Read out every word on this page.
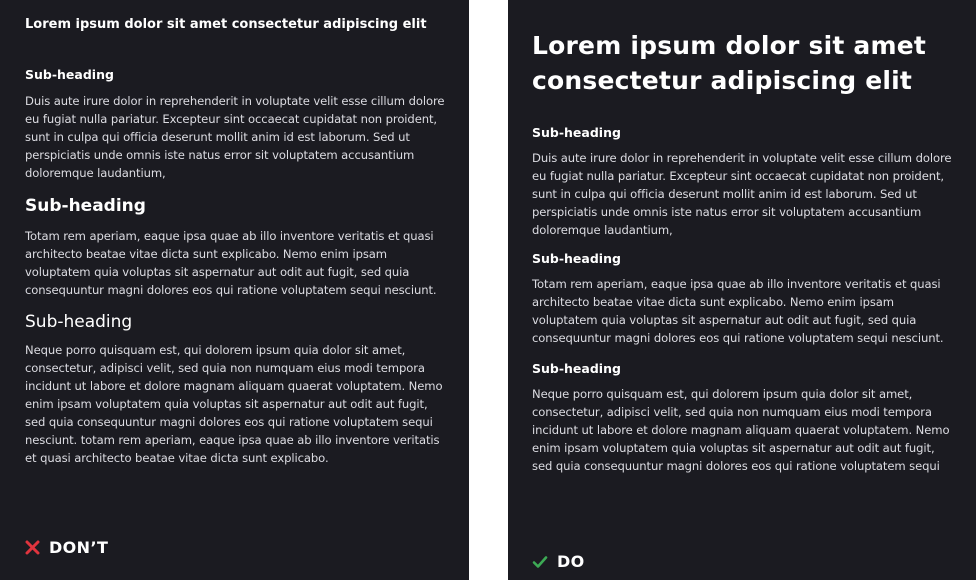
Lorem ipsum dolor sit amet consectetur adipiscing elit
Sub-heading

Duis aute irure dolor in reprehenderit in voluptate velit esse cillum dolore eu fugiat nulla pariatur. Excepteur sint occaecat cupidatat non proident, sunt in culpa qui officia deserunt mollit anim id est laborum. Sed ut perspiciatis unde omnis iste natus error sit voluptatem accusantium doloremque laudantium,

Sub-heading

Totam rem aperiam, eaque ipsa quae ab illo inventore veritatis et quasi architecto beatae vitae dicta sunt explicabo. Nemo enim ipsam voluptatem quia voluptas sit aspernatur aut odit aut fugit, sed quia consequuntur magni dolores eos qui ratione voluptatem sequi nesciunt.

Sub-heading

Neque porro quisquam est, qui dolorem ipsum quia dolor sit amet, consectetur, adipisci velit, sed quia non numquam eius modi tempora incidunt ut labore et dolore magnam aliquam quaerat voluptatem. Nemo enim ipsam voluptatem quia voluptas sit aspernatur aut odit aut fugit, sed quia consequuntur magni dolores eos qui ratione voluptatem sequi nesciunt. totam rem aperiam, eaque ipsa quae ab illo inventore veritatis et quasi architecto beatae vitae dicta sunt explicabo.

DON’T
Lorem ipsum dolor sit amet consectetur adipiscing elit
Sub-heading

Duis aute irure dolor in reprehenderit in voluptate velit esse cillum dolore eu fugiat nulla pariatur. Excepteur sint occaecat cupidatat non proident, sunt in culpa qui officia deserunt mollit anim id est laborum. Sed ut perspiciatis unde omnis iste natus error sit voluptatem accusantium doloremque laudantium,

Sub-heading

Totam rem aperiam, eaque ipsa quae ab illo inventore veritatis et quasi architecto beatae vitae dicta sunt explicabo. Nemo enim ipsam voluptatem quia voluptas sit aspernatur aut odit aut fugit, sed quia consequuntur magni dolores eos qui ratione voluptatem sequi nesciunt.

Sub-heading

Neque porro quisquam est, qui dolorem ipsum quia dolor sit amet, consectetur, adipisci velit, sed quia non numquam eius modi tempora incidunt ut labore et dolore magnam aliquam quaerat voluptatem. Nemo enim ipsam voluptatem quia voluptas sit aspernatur aut odit aut fugit, sed quia consequuntur magni dolores eos qui ratione voluptatem sequi

DO
